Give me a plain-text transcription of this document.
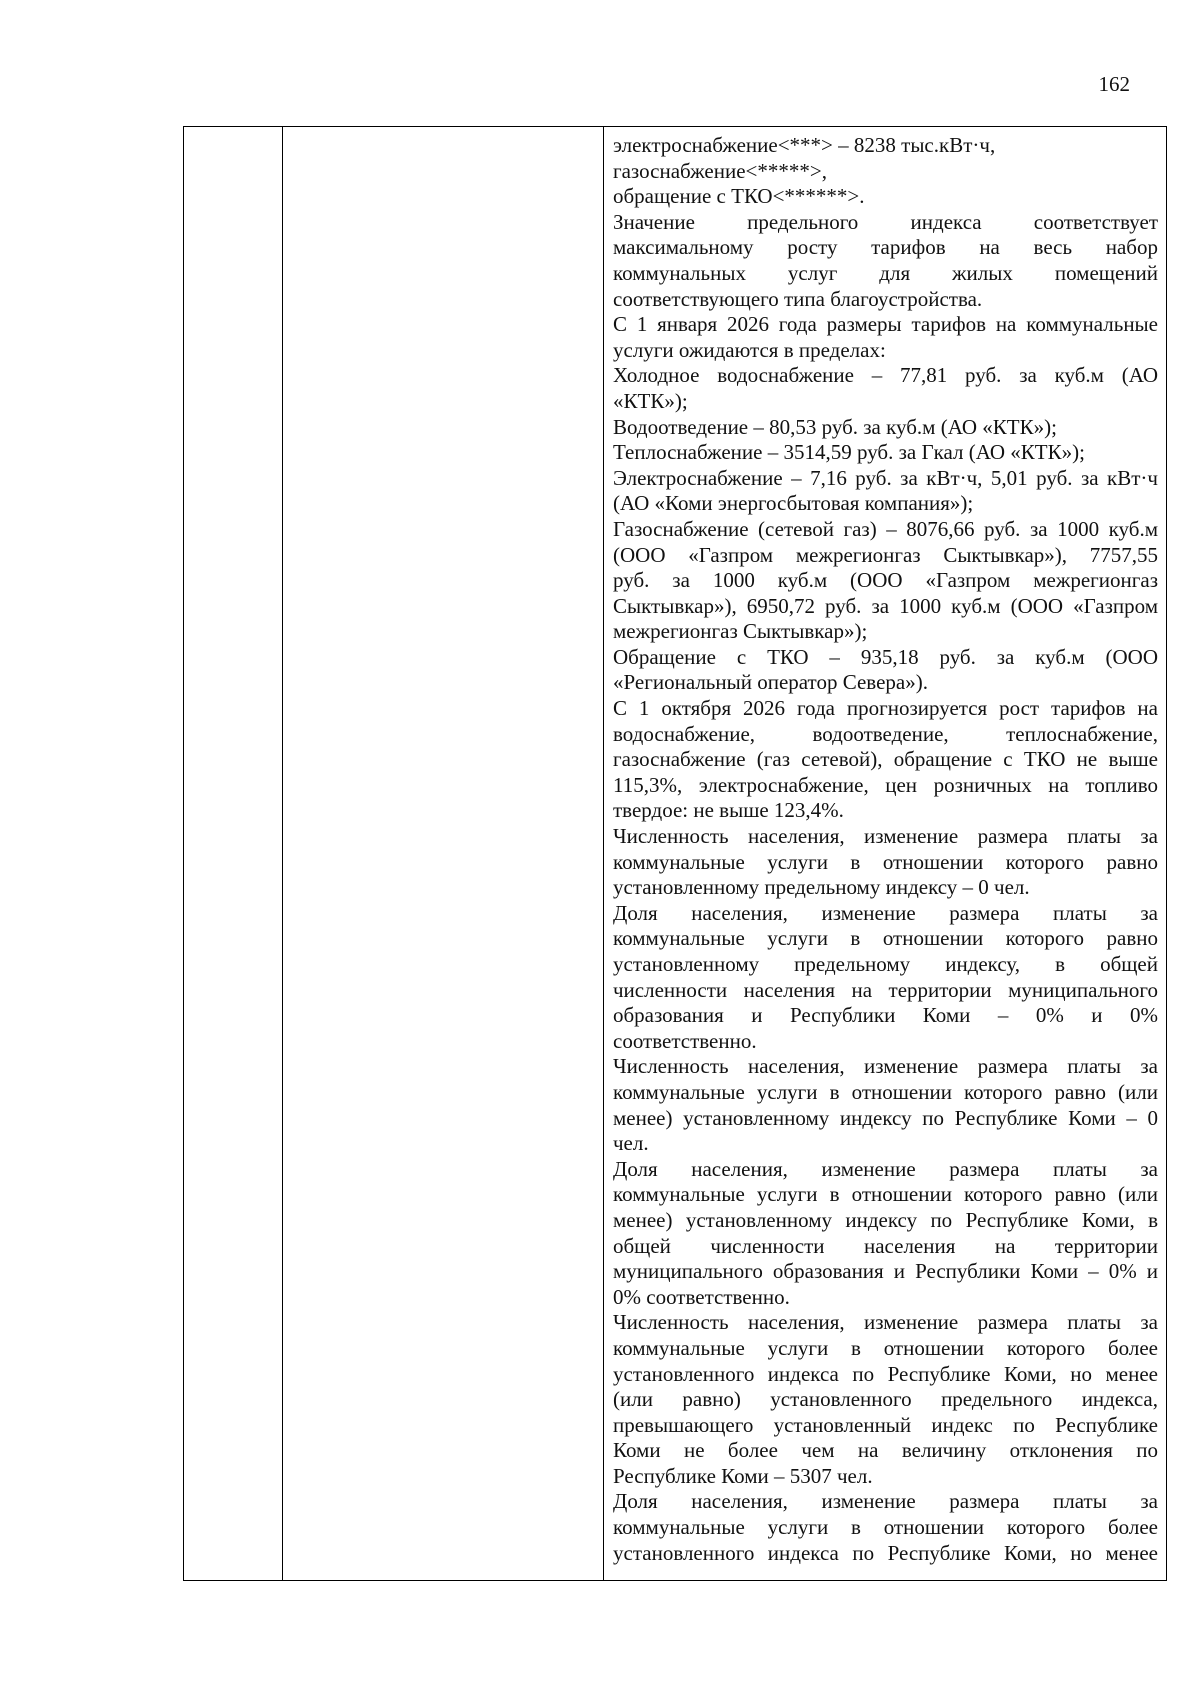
162

электроснабжение<***> – 8238 тыс.кВт·ч,
газоснабжение<*****>,
обращение с ТКО<******>.
Значение предельного индекса соответствует
максимальному росту тарифов на весь набор
коммунальных услуг для жилых помещений
соответствующего типа благоустройства.
С 1 января 2026 года размеры тарифов на коммунальные
услуги ожидаются в пределах:
Холодное водоснабжение – 77,81 руб. за куб.м (АО
«КТК»);
Водоотведение – 80,53 руб. за куб.м (АО «КТК»);
Теплоснабжение – 3514,59 руб. за Гкал (АО «КТК»);
Электроснабжение – 7,16 руб. за кВт·ч, 5,01 руб. за кВт·ч
(АО «Коми энергосбытовая компания»);
Газоснабжение (сетевой газ) – 8076,66 руб. за 1000 куб.м
(ООО «Газпром межрегионгаз Сыктывкар»), 7757,55
руб. за 1000 куб.м (ООО «Газпром межрегионгаз
Сыктывкар»), 6950,72 руб. за 1000 куб.м (ООО «Газпром
межрегионгаз Сыктывкар»);
Обращение с ТКО – 935,18 руб. за куб.м (ООО
«Региональный оператор Севера»).
С 1 октября 2026 года прогнозируется рост тарифов на
водоснабжение, водоотведение, теплоснабжение,
газоснабжение (газ сетевой), обращение с ТКО не выше
115,3%, электроснабжение, цен розничных на топливо
твердое: не выше 123,4%.
Численность населения, изменение размера платы за
коммунальные услуги в отношении которого равно
установленному предельному индексу – 0 чел.
Доля населения, изменение размера платы за
коммунальные услуги в отношении которого равно
установленному предельному индексу, в общей
численности населения на территории муниципального
образования и Республики Коми – 0% и 0%
соответственно.
Численность населения, изменение размера платы за
коммунальные услуги в отношении которого равно (или
менее) установленному индексу по Республике Коми – 0
чел.
Доля населения, изменение размера платы за
коммунальные услуги в отношении которого равно (или
менее) установленному индексу по Республике Коми, в
общей численности населения на территории
муниципального образования и Республики Коми – 0% и
0% соответственно.
Численность населения, изменение размера платы за
коммунальные услуги в отношении которого более
установленного индекса по Республике Коми, но менее
(или равно) установленного предельного индекса,
превышающего установленный индекс по Республике
Коми не более чем на величину отклонения по
Республике Коми – 5307 чел.
Доля населения, изменение размера платы за
коммунальные услуги в отношении которого более
установленного индекса по Республике Коми, но менее
